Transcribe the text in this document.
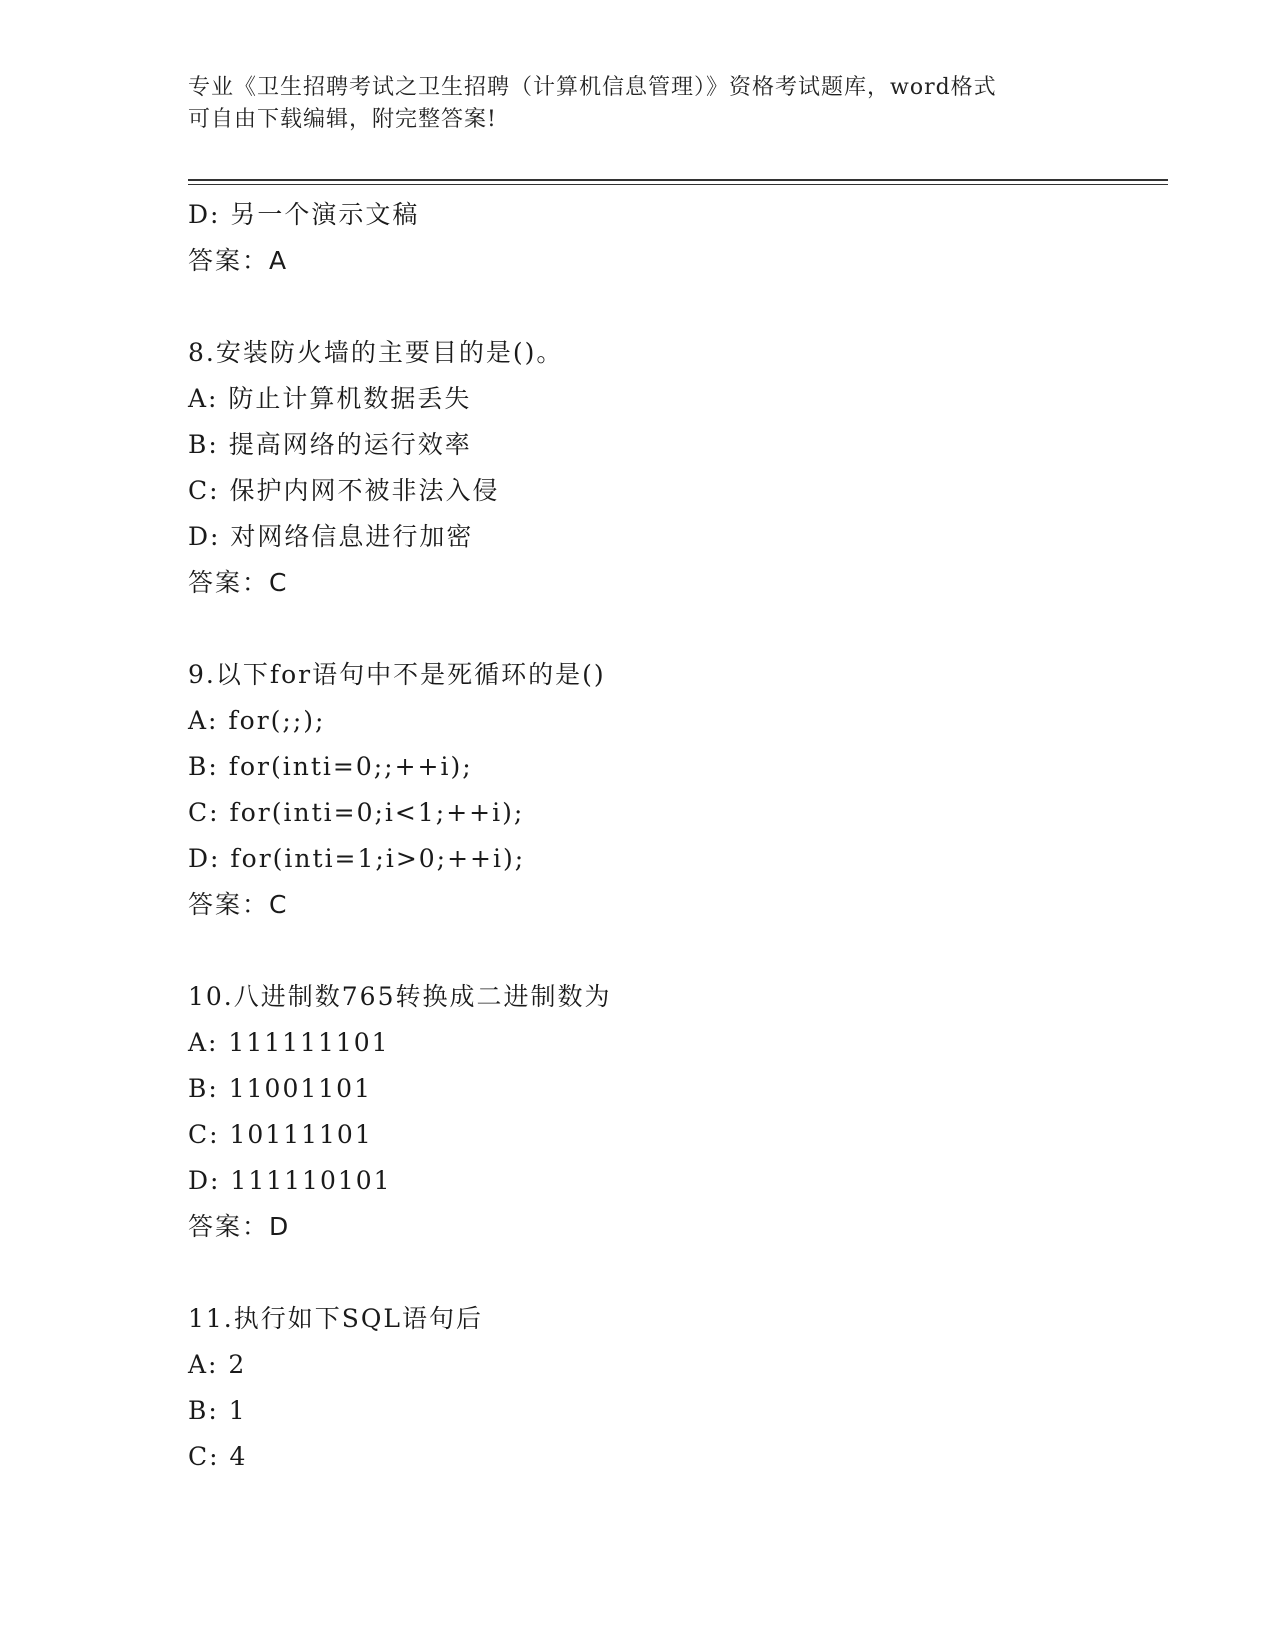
专业《卫生招聘考试之卫生招聘（计算机信息管理）》资格考试题库，word格式
可自由下载编辑，附完整答案!
D: 另一个演示文稿
答案：A
8.安装防火墙的主要目的是()。
A: 防止计算机数据丢失
B: 提高网络的运行效率
C: 保护内网不被非法入侵
D: 对网络信息进行加密
答案：C
9.以下for语句中不是死循环的是()
A: for(;;);
B: for(inti=0;;++i);
C: for(inti=0;i<1;++i);
D: for(inti=1;i>0;++i);
答案：C
10.八进制数765转换成二进制数为
A: 111111101
B: 11001101
C: 10111101
D: 111110101
答案：D
11.执行如下SQL语句后
A: 2
B: 1
C: 4
